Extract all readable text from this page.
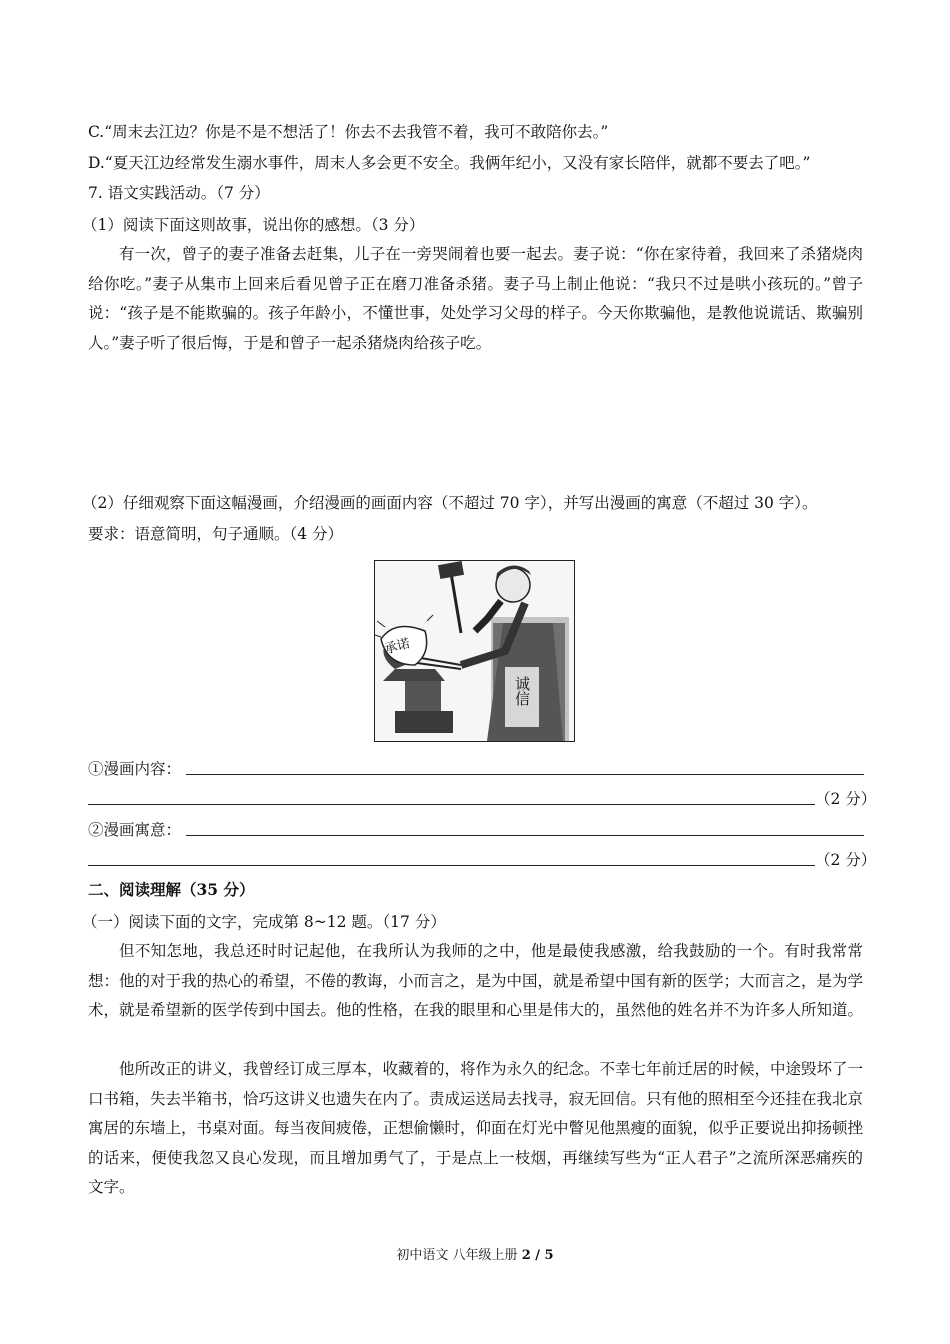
C.“周末去江边？你是不是不想活了！你去不去我管不着，我可不敢陪你去。”
D.“夏天江边经常发生溺水事件，周末人多会更不安全。我俩年纪小，又没有家长陪伴，就都不要去了吧。”
7. 语文实践活动。（7 分）
（1）阅读下面这则故事，说出你的感想。（3 分）
有一次，曾子的妻子准备去赶集，儿子在一旁哭闹着也要一起去。妻子说：“你在家待着，我回来了杀猪烧肉给你吃。”妻子从集市上回来后看见曾子正在磨刀准备杀猪。妻子马上制止他说：“我只不过是哄小孩玩的。”曾子说：“孩子是不能欺骗的。孩子年龄小，不懂世事，处处学习父母的样子。今天你欺骗他，是教他说谎话、欺骗别人。”妻子听了很后悔，于是和曾子一起杀猪烧肉给孩子吃。
（2）仔细观察下面这幅漫画，介绍漫画的画面内容（不超过 70 字），并写出漫画的寓意（不超过 30 字）。
要求：语意简明，句子通顺。（4 分）
承诺
诚信
①漫画内容：
（2 分）
②漫画寓意：
（2 分）
二、阅读理解（35 分）
（一）阅读下面的文字，完成第 8~12 题。（17 分）
但不知怎地，我总还时时记起他，在我所认为我师的之中，他是最使我感激，给我鼓励的一个。有时我常常想：他的对于我的热心的希望，不倦的教诲，小而言之，是为中国，就是希望中国有新的医学；大而言之，是为学术，就是希望新的医学传到中国去。他的性格，在我的眼里和心里是伟大的，虽然他的姓名并不为许多人所知道。
他所改正的讲义，我曾经订成三厚本，收藏着的，将作为永久的纪念。不幸七年前迁居的时候，中途毁坏了一口书箱，失去半箱书，恰巧这讲义也遗失在内了。责成运送局去找寻，寂无回信。只有他的照相至今还挂在我北京寓居的东墙上，书桌对面。每当夜间疲倦，正想偷懒时，仰面在灯光中瞥见他黑瘦的面貌，似乎正要说出抑扬顿挫的话来，便使我忽又良心发现，而且增加勇气了，于是点上一枝烟，再继续写些为“正人君子”之流所深恶痛疾的文字。
初中语文 八年级上册 2 / 5
